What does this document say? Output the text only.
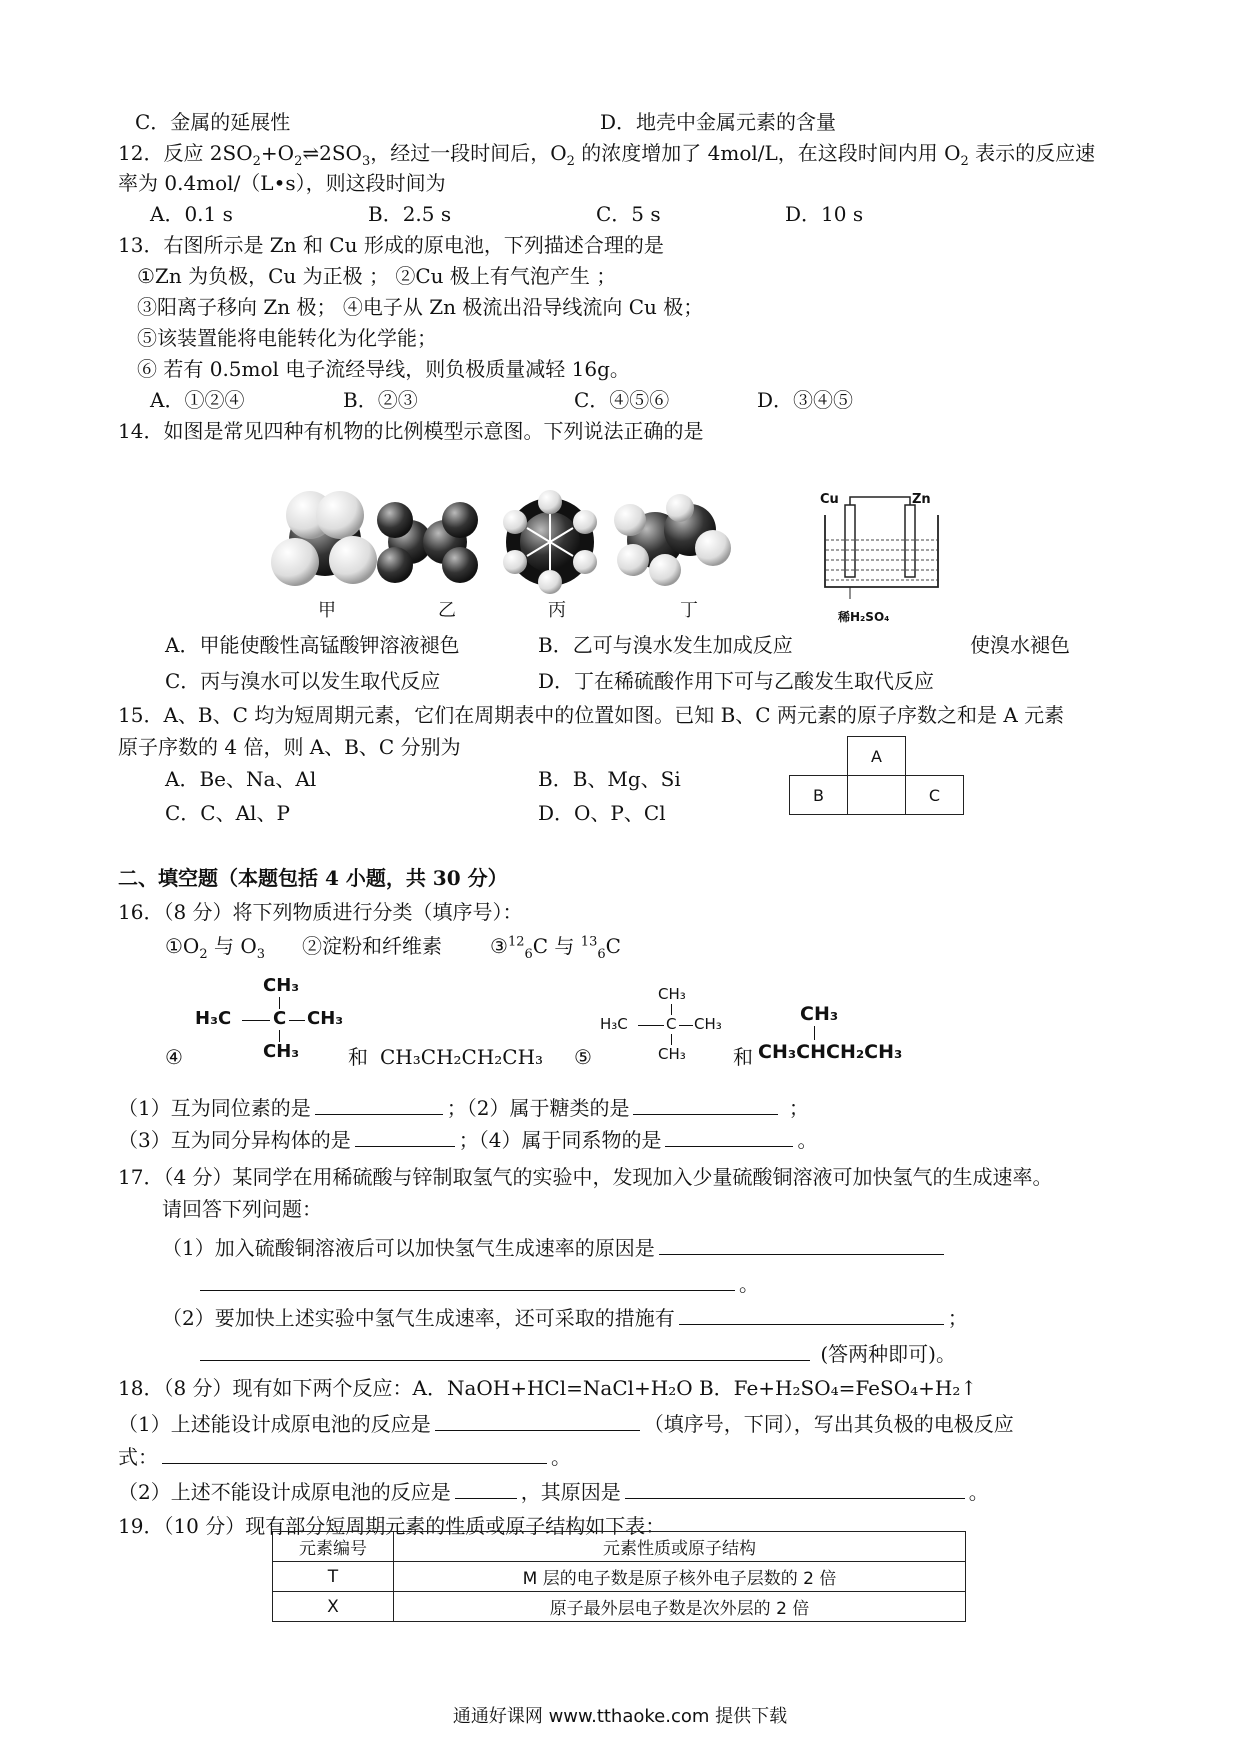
C．金属的延展性	D．地壳中金属元素的含量
12．反应 $2SO_2+O_2\rightleftharpoons 2SO_3$，经过一段时间后，$O_2$ 的浓度增加了 4mol/L，在这段时间内用 $O_2$ 表示的反应速
率为 0.4mol/（L•s），则这段时间为
A．0.1 s	B．2.5 s	C．5 s	D．10 s
13．右图所示是 Zn 和 Cu 形成的原电池，下列描述合理的是
①Zn 为负极，Cu 为正极 ； ②Cu 极上有气泡产生 ；
③阳离子移向 Zn 极； ④电子从 Zn 极流出沿导线流向 Cu 极；
⑤该装置能将电能转化为化学能；
⑥ 若有 0.5mol 电子流经导线，则负极质量减轻 16g。
A．①②④	B．②③	C．④⑤⑥	D．③④⑤
14．如图是常见四种有机物的比例模型示意图。下列说法正确的是
甲	乙	丙	丁
Cu	Zn
稀H₂SO₄
A．甲能使酸性高锰酸钾溶液褪色	B．乙可与溴水发生加成反应	使溴水褪色
C．丙与溴水可以发生取代反应	D．丁在稀硫酸作用下可与乙酸发生取代反应
15．A、B、C 均为短周期元素，它们在周期表中的位置如图。已知 B、C 两元素的原子序数之和是 A 元素
原子序数的 4 倍，则 A、B、C 分别为
A．Be、Na、Al	B．B、Mg、Si
C．C、Al、P	D．O、P、Cl
	A	
B		C
二、填空题（本题包括 4 小题，共 30 分）
16．（8 分）将下列物质进行分类（填序号）：
$①O_2$ 与 $O_3$ ②淀粉和纤维素 ③$^{12}_6$C 与 $^{13}_6$C
CH₃
H₃C C CH₃
CH₃
④	和 CH₃CH₂CH₂CH₃ ⑤
CH₃
H₃C	C CH₃
CH₃ 和
CH₃
CH₃CHCH₂CH₃
（1）互为同位素的是	；（2）属于糖类的是	；
（3）互为同分异构体的是	；（4）属于同系物的是	。
17．（4 分）某同学在用稀硫酸与锌制取氢气的实验中，发现加入少量硫酸铜溶液可加快氢气的生成速率。
请回答下列问题：
（1）加入硫酸铜溶液后可以加快氢气生成速率的原因是
。
（2）要加快上述实验中氢气生成速率，还可采取的措施有	；
(答两种即可)。
18．（8 分）现有如下两个反应：A．NaOH+HCl=NaCl+H₂O B．Fe+H₂SO₄=FeSO₄+H₂↑
（1）上述能设计成原电池的反应是	（填序号，下同），写出其负极的电极反应
式：	。
（2）上述不能设计成原电池的反应是	，其原因是	。
19．（10 分）现有部分短周期元素的性质或原子结构如下表：
元素编号	元素性质或原子结构
T	M 层的电子数是原子核外电子层数的 2 倍
X	原子最外层电子数是次外层的 2 倍
通通好课网 www.tthaoke.com 提供下载
